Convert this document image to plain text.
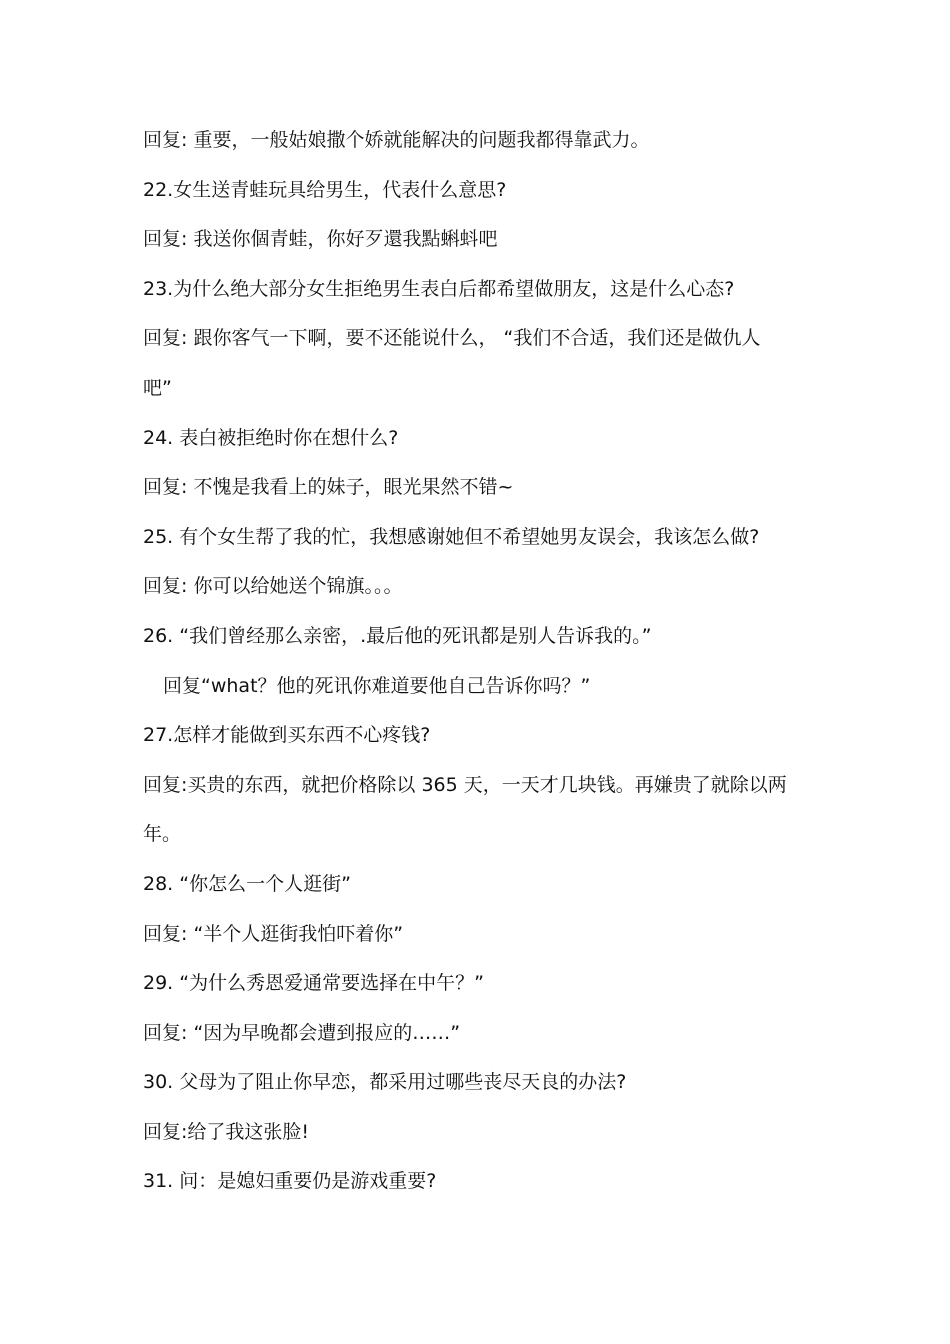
回复: 重要，一般姑娘撒个娇就能解决的问题我都得靠武力。
22.女生送青蛙玩具给男生，代表什么意思?
回复: 我送你個青蛙，你好歹還我點蝌蚪吧
23.为什么绝大部分女生拒绝男生表白后都希望做朋友，这是什么心态?
回复: 跟你客气一下啊，要不还能说什么， “我们不合适，我们还是做仇人
吧”
24. 表白被拒绝时你在想什么?
回复: 不愧是我看上的妹子，眼光果然不错~
25. 有个女生帮了我的忙，我想感谢她但不希望她男友误会，我该怎么做?
回复: 你可以给她送个锦旗。。。
26. “我们曾经那么亲密，.最后他的死讯都是别人告诉我的。”
回复“what？他的死讯你难道要他自己告诉你吗？”
27.怎样才能做到买东西不心疼钱?
回复:买贵的东西，就把价格除以 365 天，一天才几块钱。再嫌贵了就除以两
年。
28. “你怎么一个人逛街”
回复: “半个人逛街我怕吓着你”
29. “为什么秀恩爱通常要选择在中午？”
回复: “因为早晚都会遭到报应的……”
30. 父母为了阻止你早恋，都采用过哪些丧尽天良的办法?
回复:给了我这张脸!
31. 问：是媳妇重要仍是游戏重要?
